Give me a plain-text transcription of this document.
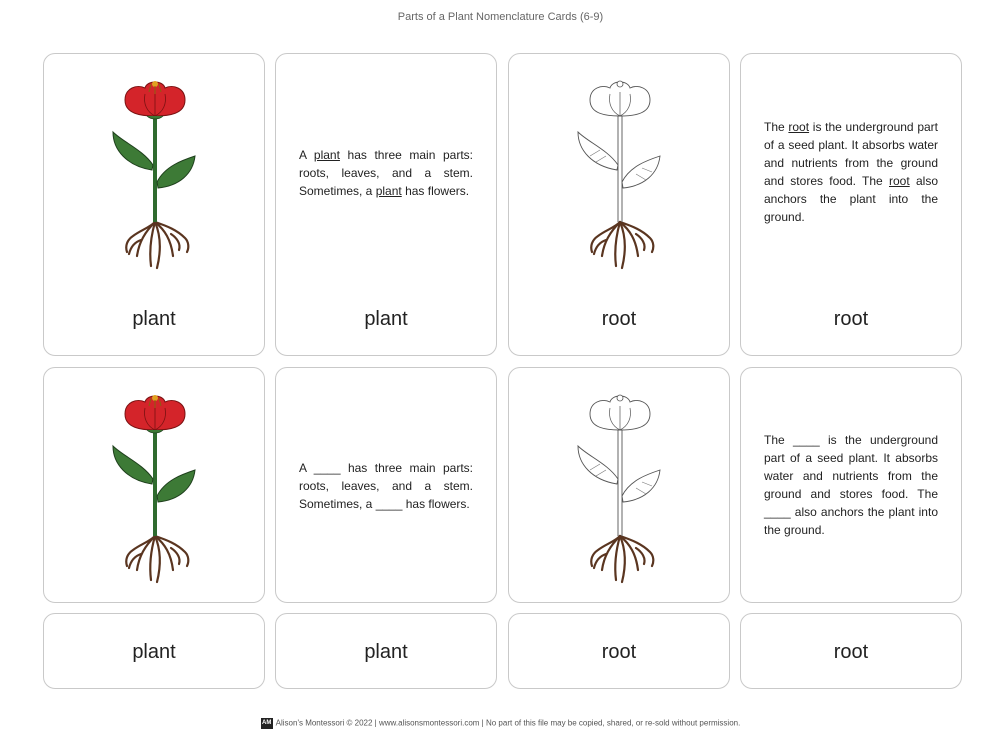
Parts of a Plant Nomenclature Cards (6-9)
plant
A plant has three main parts: roots, leaves, and a stem. Sometimes, a plant has flowers.
plant	root
The root is the underground part of a seed plant. It absorbs water and nutrients from the ground and stores food. The root also anchors the plant into the ground.
root
A ____ has three main parts: roots, leaves, and a stem. Sometimes, a ____ has flowers.
The ____ is the underground part of a seed plant. It absorbs water and nutrients from the ground and stores food. The ____ also anchors the plant into the ground.
plant	plant	root	root
AM Alison's Montessori © 2022 | www.alisonsmontessori.com | No part of this file may be copied, shared, or re-sold without permission.
